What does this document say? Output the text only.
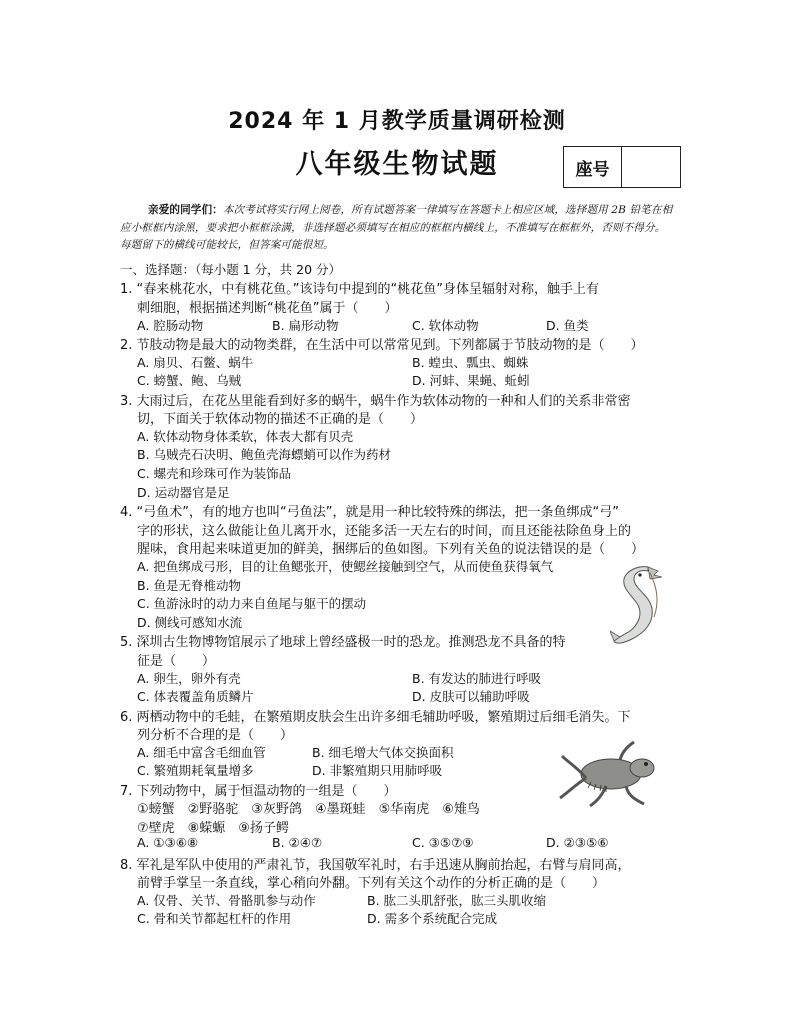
2024 年 1 月教学质量调研检测
八年级生物试题	座号
亲爱的同学们：本次考试将实行网上阅卷，所有试题答案一律填写在答题卡上相应区域，选择题用 2B 铅笔在相应小框框内涂黑，要求把小框框涂满，非选择题必须填写在相应的框框内横线上，不准填写在框框外，否则不得分。每题留下的横线可能较长，但答案可能很短。
一、选择题：（每小题 1 分，共 20 分）
1. “春来桃花水，中有桃花鱼。”该诗句中提到的“桃花鱼”身体呈辐射对称，触手上有
刺细胞，根据描述判断“桃花鱼”属于（　　）
A. 腔肠动物	B. 扁形动物	C. 软体动物	D. 鱼类
2. 节肢动物是最大的动物类群，在生活中可以常常见到。下列都属于节肢动物的是（　　）
A. 扇贝、石鳖、蜗牛	B. 蝗虫、瓢虫、蜘蛛
C. 螃蟹、鲍、乌贼	D. 河蚌、果蝇、蚯蚓
3. 大雨过后，在花丛里能看到好多的蜗牛，蜗牛作为软体动物的一种和人们的关系非常密
切，下面关于软体动物的描述不正确的是（　　）
A. 软体动物身体柔软，体表大都有贝壳
B. 乌贼壳石决明、鲍鱼壳海螵蛸可以作为药材
C. 螺壳和珍珠可作为装饰品
D. 运动器官是足
4. “弓鱼术”，有的地方也叫“弓鱼法”，就是用一种比较特殊的绑法，把一条鱼绑成“弓”
字的形状，这么做能让鱼儿离开水，还能多活一天左右的时间，而且还能祛除鱼身上的
腥味，食用起来味道更加的鲜美，捆绑后的鱼如图。下列有关鱼的说法错误的是（　　）
A. 把鱼绑成弓形，目的让鱼鳃张开，使鳃丝接触到空气，从而使鱼获得氧气
B. 鱼是无脊椎动物
C. 鱼游泳时的动力来自鱼尾与躯干的摆动
D. 侧线可感知水流
5. 深圳古生物博物馆展示了地球上曾经盛极一时的恐龙。推测恐龙不具备的特
征是（　　）
A. 卵生，卵外有壳	B. 有发达的肺进行呼吸
C. 体表覆盖角质鳞片	D. 皮肤可以辅助呼吸
6. 两栖动物中的毛蛙，在繁殖期皮肤会生出许多细毛辅助呼吸，繁殖期过后细毛消失。下
列分析不合理的是（　　）
A. 细毛中富含毛细血管	B. 细毛增大气体交换面积
C. 繁殖期耗氧量增多	D. 非繁殖期只用肺呼吸
7. 下列动物中，属于恒温动物的一组是（　　）
①螃蟹　②野骆驼　③灰野鸽　④墨斑蛙　⑤华南虎　⑥雉鸟
⑦壁虎　⑧蝾螈　⑨扬子鳄
A. ①③⑥⑧	B. ②④⑦	C. ③⑤⑦⑨	D. ②③⑤⑥
8. 军礼是军队中使用的严肃礼节，我国敬军礼时，右手迅速从胸前抬起，右臂与肩同高，
前臂手掌呈一条直线，掌心稍向外翻。下列有关这个动作的分析正确的是（　　）
A. 仅骨、关节、骨骼肌参与动作	B. 肱二头肌舒张，肱三头肌收缩
C. 骨和关节都起杠杆的作用	D. 需多个系统配合完成
